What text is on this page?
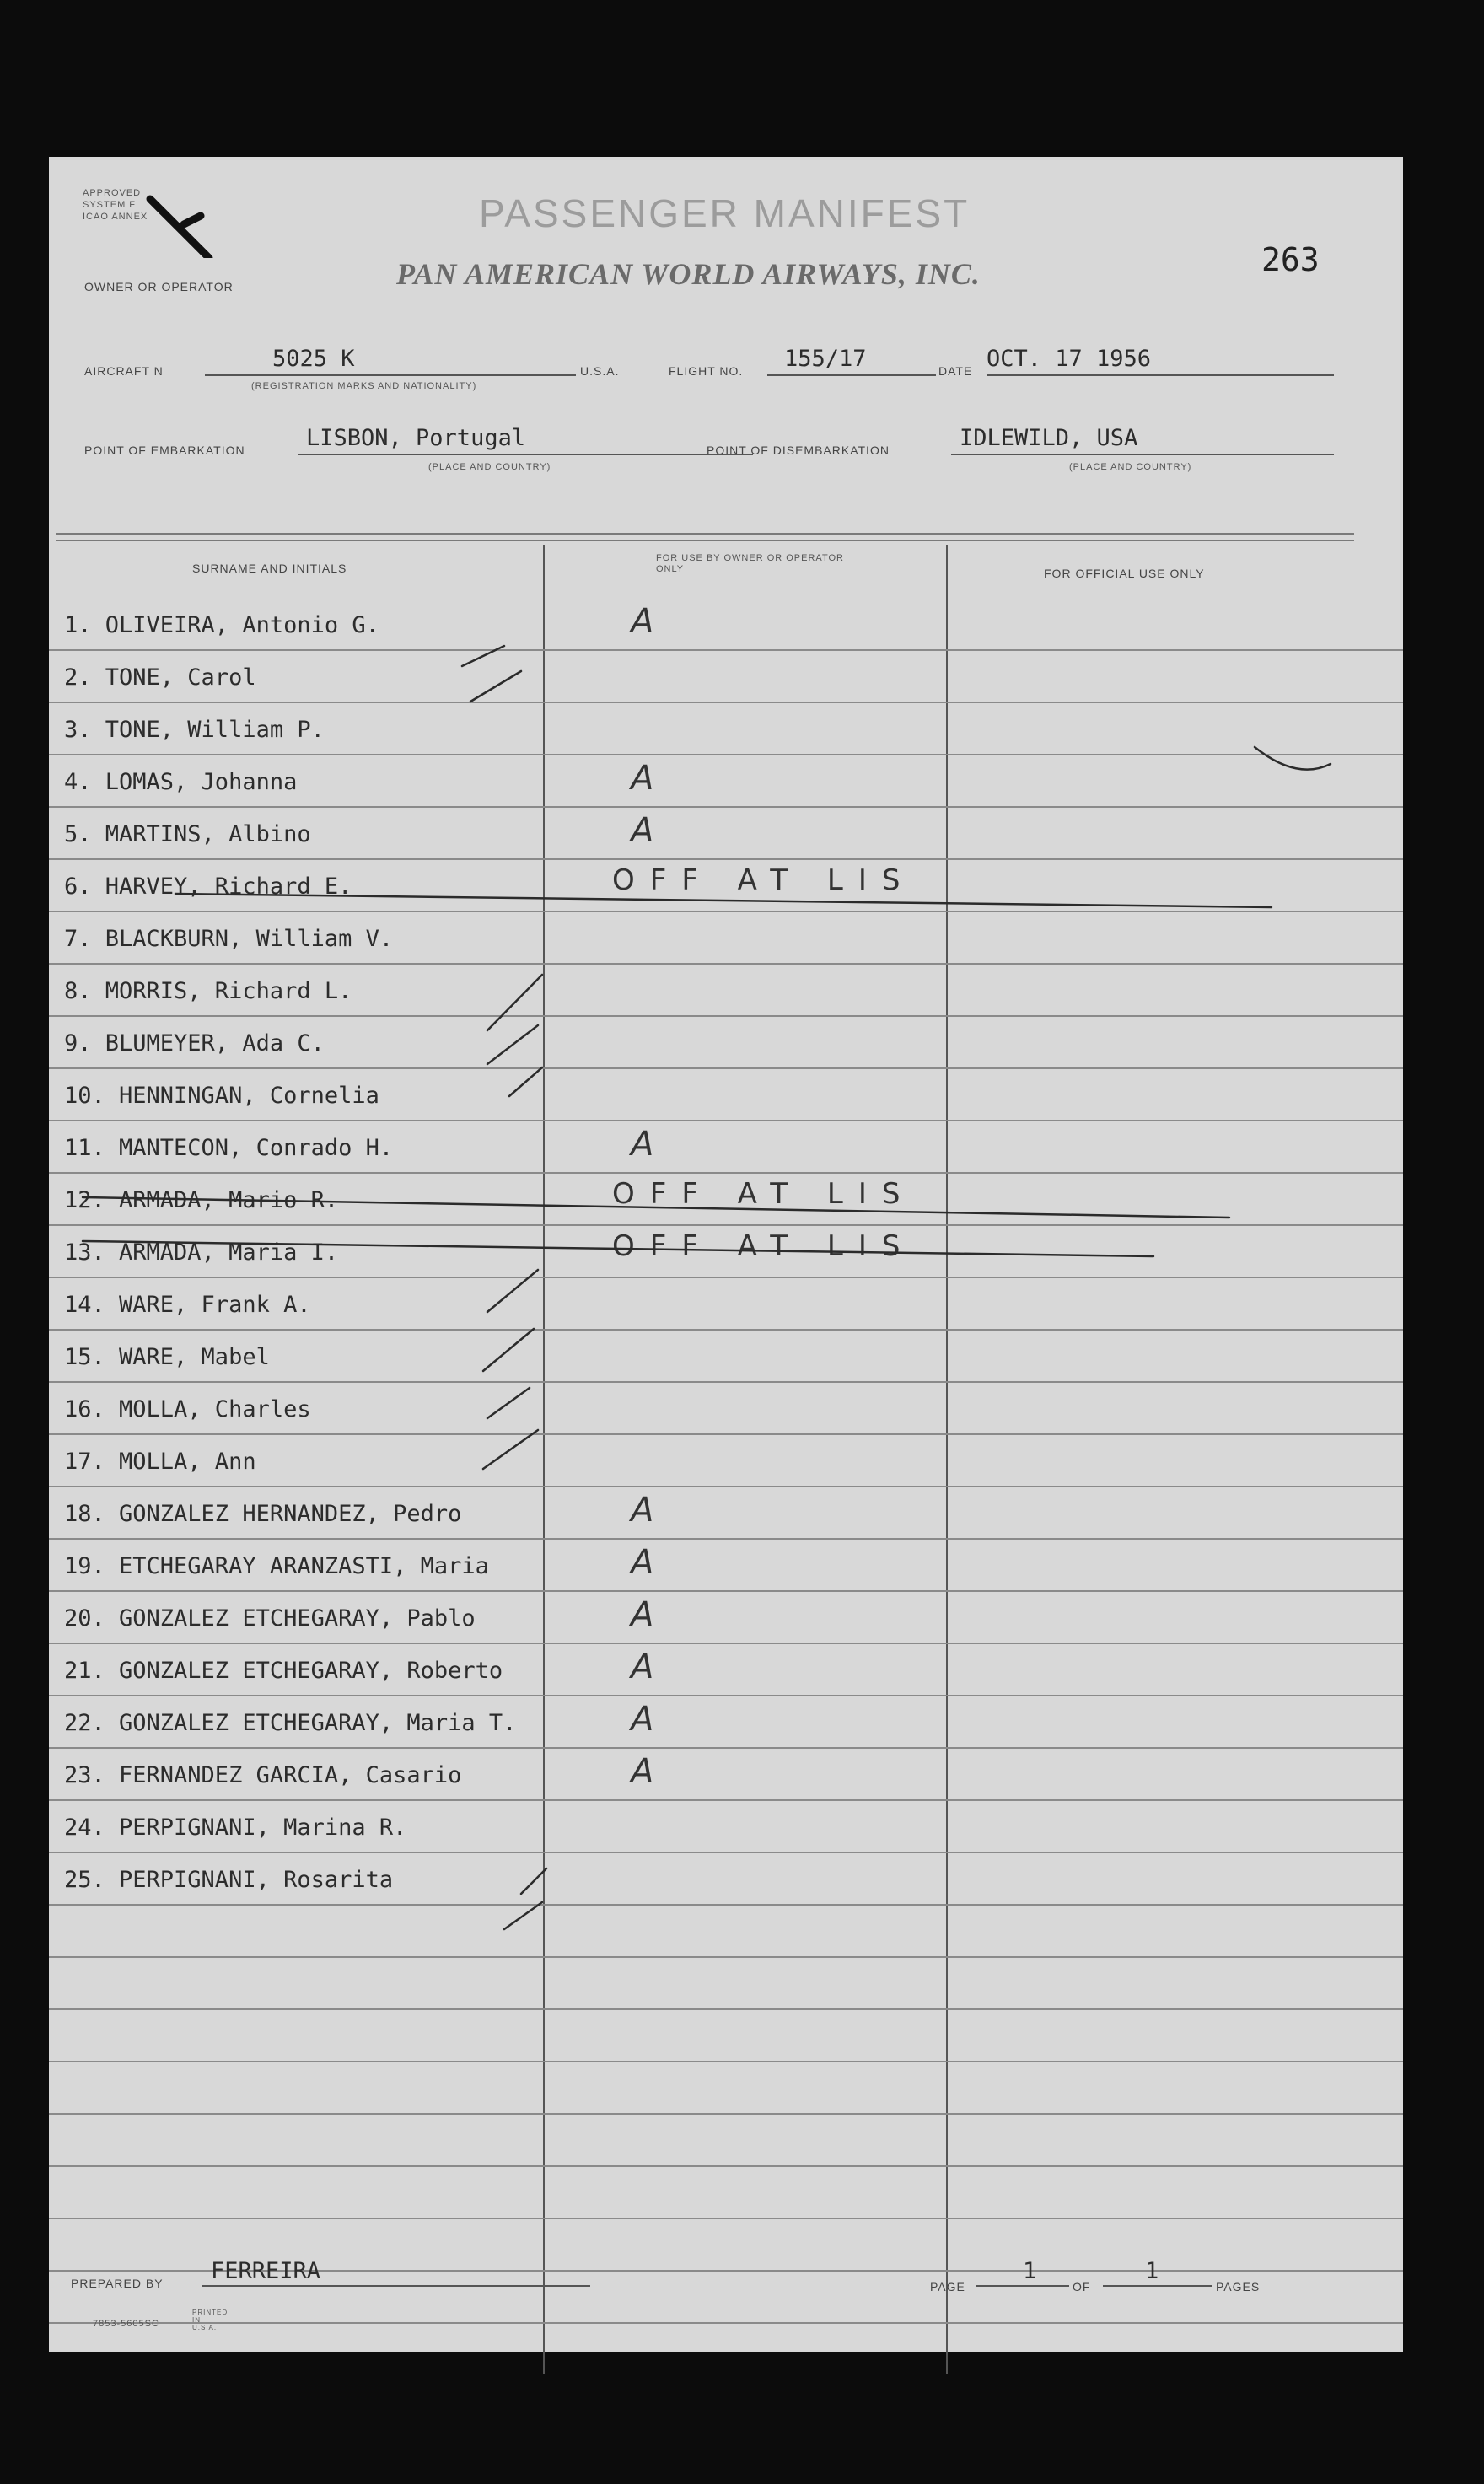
APPROVED
SYSTEM F
ICAO ANNEX	PASSENGER MANIFEST
OWNER OR OPERATOR	PAN AMERICAN WORLD AIRWAYS, INC.	263
AIRCRAFT N	5025 K
(REGISTRATION MARKS AND NATIONALITY)
U.S.A.	FLIGHT NO.	155/17	DATE OCT. 17 1956
POINT OF EMBARKATION	LISBON, Portugal
(PLACE AND COUNTRY)
POINT OF DISEMBARKATION	IDLEWILD, USA
(PLACE AND COUNTRY)
SURNAME AND INITIALS
FOR USE BY OWNER OR OPERATOR ONLY	FOR OFFICIAL USE ONLY
1. OLIVEIRA, Antonio G.	A
2. TONE, Carol
3. TONE, William P.
4. LOMAS, Johanna	A
5. MARTINS, Albino	A
6. HARVEY, Richard E.	OFF AT LIS
7. BLACKBURN, William V.
8. MORRIS, Richard L.
9. BLUMEYER, Ada C.
10. HENNINGAN, Cornelia
11. MANTECON, Conrado H.	A
12. ARMADA, Mario R.	OFF AT LIS
13. ARMADA, Maria I.	OFF AT LIS
14. WARE, Frank A.
15. WARE, Mabel
16. MOLLA, Charles
17. MOLLA, Ann
18. GONZALEZ HERNANDEZ, Pedro	A
19. ETCHEGARAY ARANZASTI, Maria	A
20. GONZALEZ ETCHEGARAY, Pablo	A
21. GONZALEZ ETCHEGARAY, Roberto	A
22. GONZALEZ ETCHEGARAY, Maria T.	A
23. FERNANDEZ GARCIA, Casario	A
24. PERPIGNANI, Marina R.
25. PERPIGNANI, Rosarita
PREPARED BY	FERREIRA
PAGE
1
OF
1
PAGES
7853-5605SC
PRINTED IN U.S.A.
